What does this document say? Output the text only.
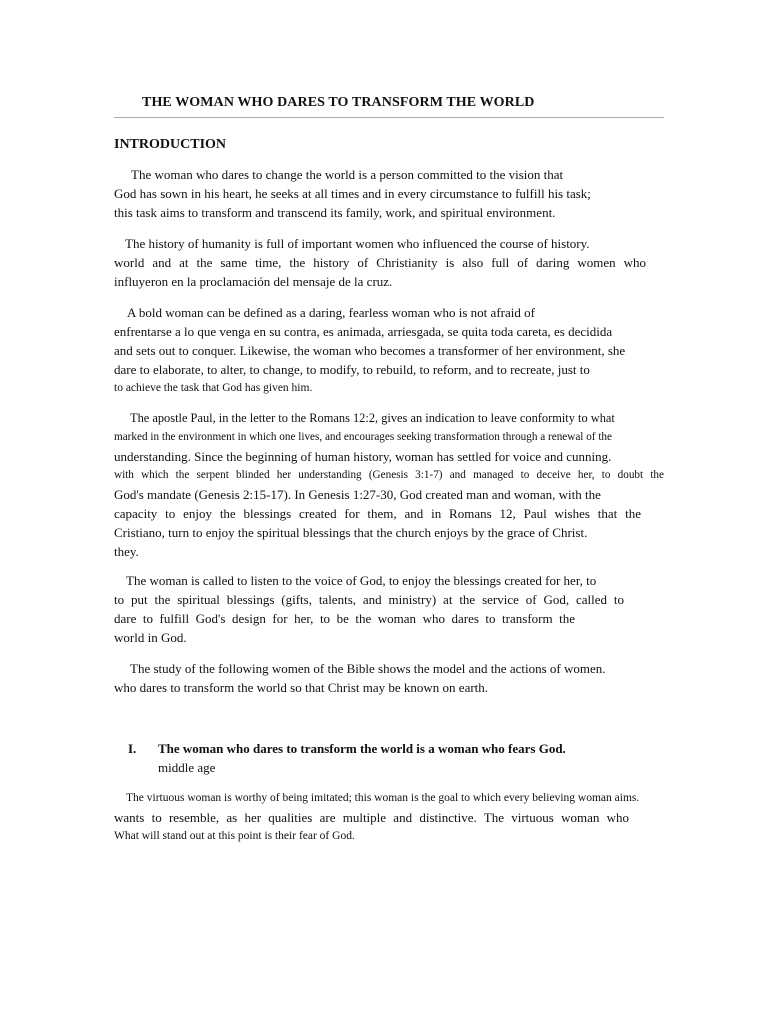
THE WOMAN WHO DARES TO TRANSFORM THE WORLD
INTRODUCTION
The woman who dares to change the world is a person committed to the vision that
God has sown in his heart, he seeks at all times and in every circumstance to fulfill his task;
this task aims to transform and transcend its family, work, and spiritual environment.
The history of humanity is full of important women who influenced the course of history.
world and at the same time, the history of Christianity is also full of daring women who
influyeron en la proclamación del mensaje de la cruz.
A bold woman can be defined as a daring, fearless woman who is not afraid of
enfrentarse a lo que venga en su contra, es animada, arriesgada, se quita toda careta, es decidida
and sets out to conquer. Likewise, the woman who becomes a transformer of her environment, she
dare to elaborate, to alter, to change, to modify, to rebuild, to reform, and to recreate, just to
to achieve the task that God has given him.
The apostle Paul, in the letter to the Romans 12:2, gives an indication to leave conformity to what
marked in the environment in which one lives, and encourages seeking transformation through a renewal of the
understanding. Since the beginning of human history, woman has settled for voice and cunning.
with which the serpent blinded her understanding (Genesis 3:1-7) and managed to deceive her, to doubt the
God's mandate (Genesis 2:15-17). In Genesis 1:27-30, God created man and woman, with the
capacity to enjoy the blessings created for them, and in Romans 12, Paul wishes that the
Cristiano, turn to enjoy the spiritual blessings that the church enjoys by the grace of Christ.
they.
The woman is called to listen to the voice of God, to enjoy the blessings created for her, to
to put the spiritual blessings (gifts, talents, and ministry) at the service of God, called to
dare to fulfill God's design for her, to be the woman who dares to transform the
world in God.
The study of the following women of the Bible shows the model and the actions of women.
who dares to transform the world so that Christ may be known on earth.
I. The woman who dares to transform the world is a woman who fears God.
middle age
The virtuous woman is worthy of being imitated; this woman is the goal to which every believing woman aims.
wants to resemble, as her qualities are multiple and distinctive. The virtuous woman who
What will stand out at this point is their fear of God.
